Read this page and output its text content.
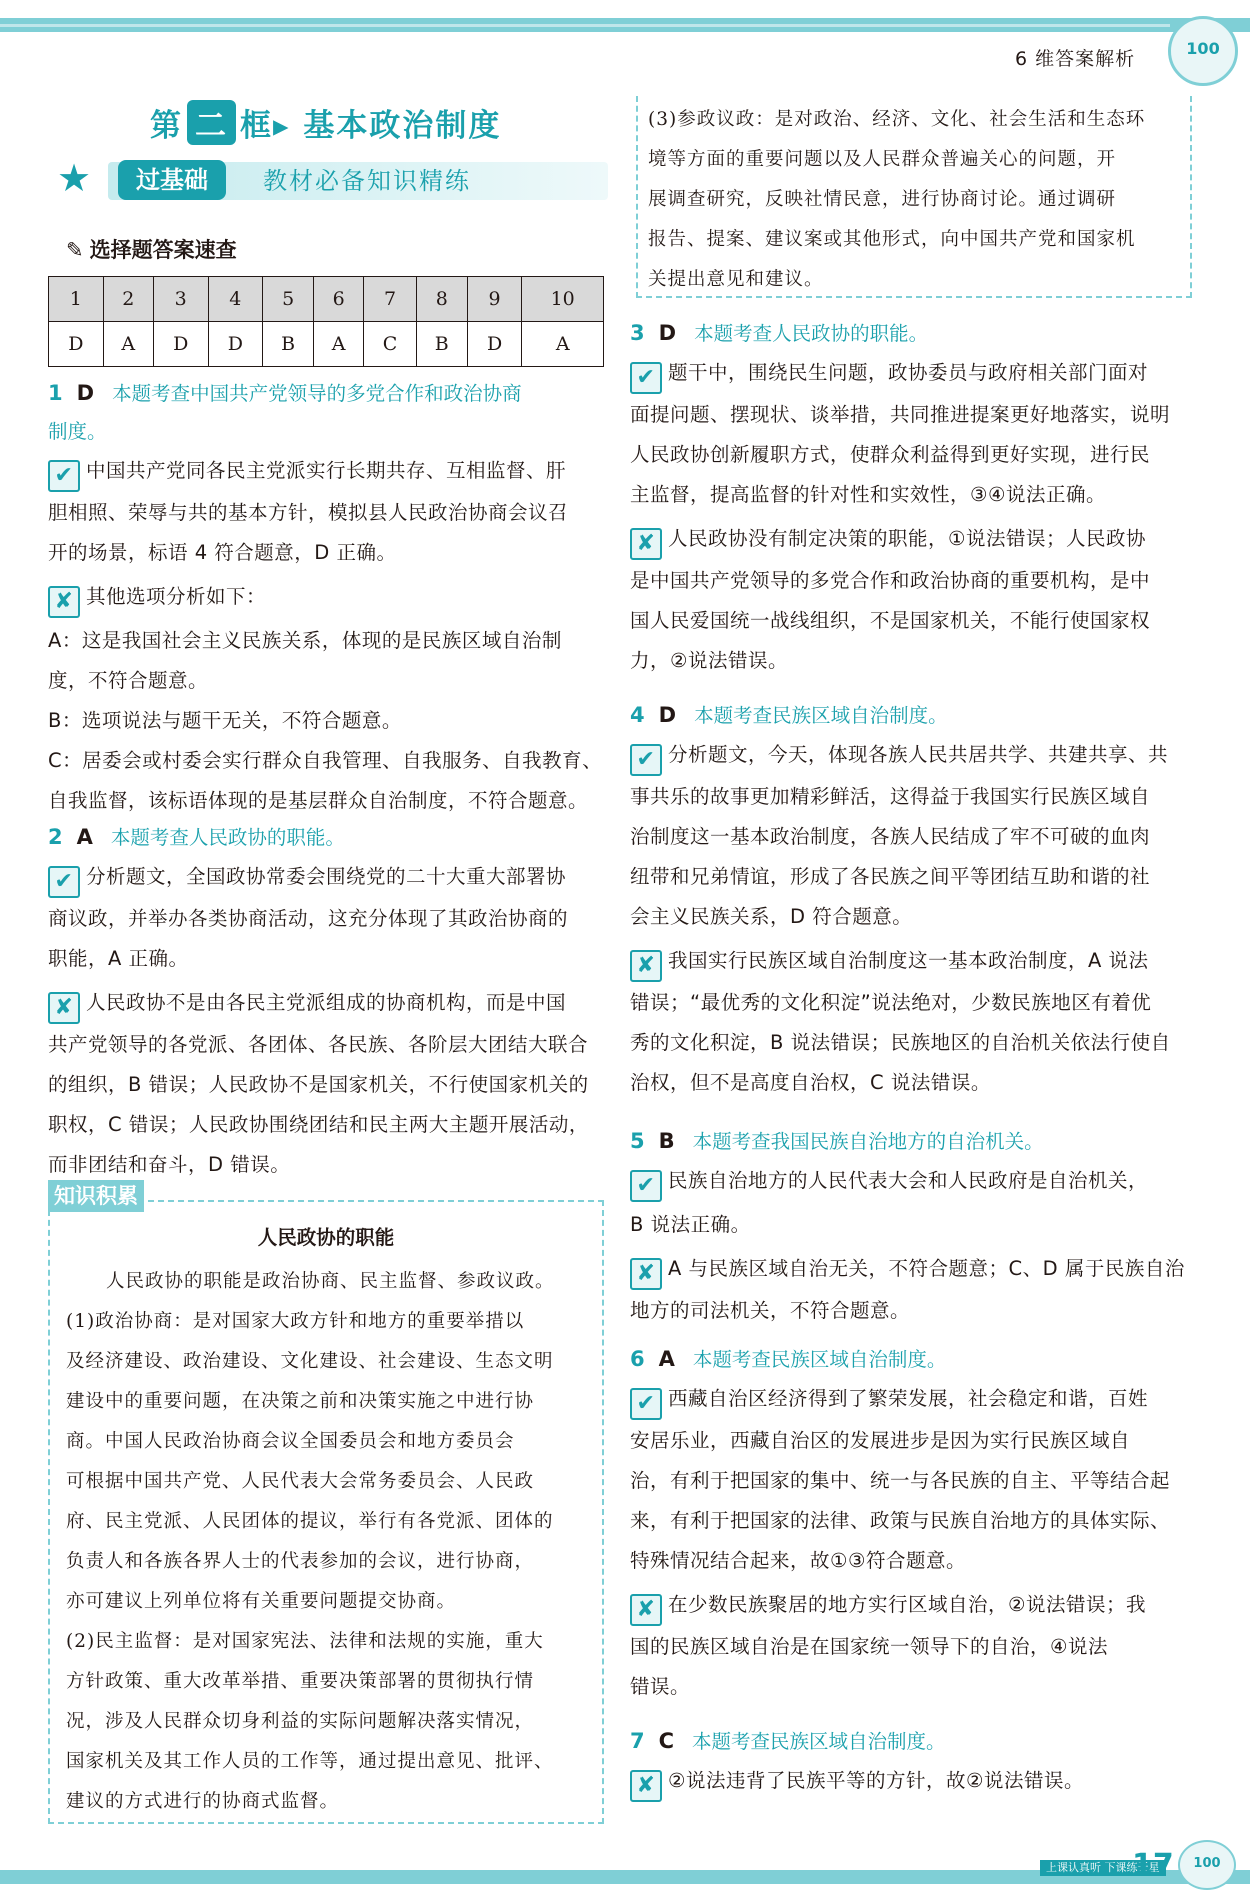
6 维答案解析	100
第 二 框▸ 基本政治制度
★	过基础	教材必备知识精练
✎ 选择题答案速查
1	2	3	4	5	6	7	8	9	10
D	A	D	D	B	A	C	B	D	A
1 D 本题考查中国共产党领导的多党合作和政治协商
制度。
✔ 中国共产党同各民主党派实行长期共存、互相监督、肝
胆相照、荣辱与共的基本方针，模拟县人民政治协商会议召
开的场景，标语 4 符合题意，D 正确。
✘ 其他选项分析如下：
A：这是我国社会主义民族关系，体现的是民族区域自治制
度，不符合题意。
B：选项说法与题干无关，不符合题意。
C：居委会或村委会实行群众自我管理、自我服务、自我教育、
自我监督，该标语体现的是基层群众自治制度，不符合题意。
2 A 本题考查人民政协的职能。
✔ 分析题文，全国政协常委会围绕党的二十大重大部署协
商议政，并举办各类协商活动，这充分体现了其政治协商的
职能，A 正确。
✘ 人民政协不是由各民主党派组成的协商机构，而是中国
共产党领导的各党派、各团体、各民族、各阶层大团结大联合
的组织，B 错误；人民政协不是国家机关，不行使国家机关的
职权，C 错误；人民政协围绕团结和民主两大主题开展活动，
而非团结和奋斗，D 错误。
知识积累
人民政协的职能
人民政协的职能是政治协商、民主监督、参政议政。
(1)政治协商：是对国家大政方针和地方的重要举措以
及经济建设、政治建设、文化建设、社会建设、生态文明
建设中的重要问题，在决策之前和决策实施之中进行协
商。中国人民政治协商会议全国委员会和地方委员会
可根据中国共产党、人民代表大会常务委员会、人民政
府、民主党派、人民团体的提议，举行有各党派、团体的
负责人和各族各界人士的代表参加的会议，进行协商，
亦可建议上列单位将有关重要问题提交协商。
(2)民主监督：是对国家宪法、法律和法规的实施，重大
方针政策、重大改革举措、重要决策部署的贯彻执行情
况，涉及人民群众切身利益的实际问题解决落实情况，
国家机关及其工作人员的工作等，通过提出意见、批评、
建议的方式进行的协商式监督。
(3)参政议政：是对政治、经济、文化、社会生活和生态环
境等方面的重要问题以及人民群众普遍关心的问题，开
展调查研究，反映社情民意，进行协商讨论。通过调研
报告、提案、建议案或其他形式，向中国共产党和国家机
关提出意见和建议。
3 D 本题考查人民政协的职能。
✔ 题干中，围绕民生问题，政协委员与政府相关部门面对
面提问题、摆现状、谈举措，共同推进提案更好地落实，说明
人民政协创新履职方式，使群众利益得到更好实现，进行民
主监督，提高监督的针对性和实效性，③④说法正确。
✘ 人民政协没有制定决策的职能，①说法错误；人民政协
是中国共产党领导的多党合作和政治协商的重要机构，是中
国人民爱国统一战线组织，不是国家机关，不能行使国家权
力，②说法错误。
4 D 本题考查民族区域自治制度。
✔ 分析题文，今天，体现各族人民共居共学、共建共享、共
事共乐的故事更加精彩鲜活，这得益于我国实行民族区域自
治制度这一基本政治制度，各族人民结成了牢不可破的血肉
纽带和兄弟情谊，形成了各民族之间平等团结互助和谐的社
会主义民族关系，D 符合题意。
✘ 我国实行民族区域自治制度这一基本政治制度，A 说法
错误；“最优秀的文化积淀”说法绝对，少数民族地区有着优
秀的文化积淀，B 说法错误；民族地区的自治机关依法行使自
治权，但不是高度自治权，C 说法错误。
5 B 本题考查我国民族自治地方的自治机关。
✔ 民族自治地方的人民代表大会和人民政府是自治机关，
B 说法正确。
✘ A 与民族区域自治无关，不符合题意；C、D 属于民族自治
地方的司法机关，不符合题意。
6 A 本题考查民族区域自治制度。
✔ 西藏自治区经济得到了繁荣发展，社会稳定和谐，百姓
安居乐业，西藏自治区的发展进步是因为实行民族区域自
治，有利于把国家的集中、统一与各民族的自主、平等结合起
来，有利于把国家的法律、政策与民族自治地方的具体实际、
特殊情况结合起来，故①③符合题意。
✘ 在少数民族聚居的地方实行区域自治，②说法错误；我
国的民族区域自治是在国家统一领导下的自治，④说法
错误。
7 C 本题考查民族区域自治制度。
✘ ②说法违背了民族平等的方针，故②说法错误。
上课认真听 下课练天星
17	100
